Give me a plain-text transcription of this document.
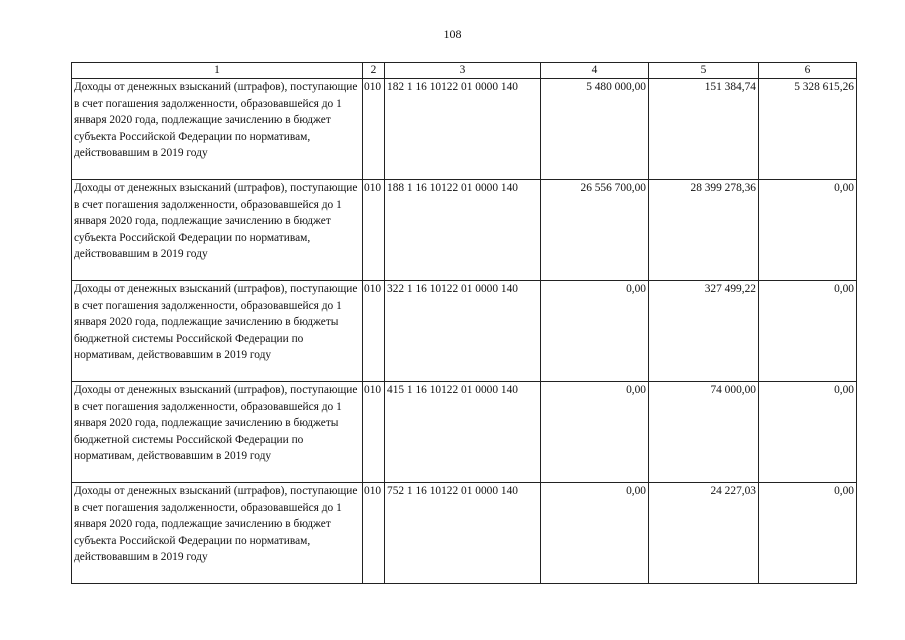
108
1	2	3	4	5	6
Доходы от денежных взысканий (штрафов), поступающие в счет погашения задолженности, образовавшейся до 1 января 2020 года, подлежащие зачислению в бюджет субъекта Российской Федерации по нормативам, действовавшим в 2019 году	010	182 1 16 10122 01 0000 140	5 480 000,00	151 384,74	5 328 615,26
Доходы от денежных взысканий (штрафов), поступающие в счет погашения задолженности, образовавшейся до 1 января 2020 года, подлежащие зачислению в бюджет субъекта Российской Федерации по нормативам, действовавшим в 2019 году	010	188 1 16 10122 01 0000 140	26 556 700,00	28 399 278,36	0,00
Доходы от денежных взысканий (штрафов), поступающие в счет погашения задолженности, образовавшейся до 1 января 2020 года, подлежащие зачислению в бюджеты бюджетной системы Российской Федерации по нормативам, действовавшим в 2019 году	010	322 1 16 10122 01 0000 140	0,00	327 499,22	0,00
Доходы от денежных взысканий (штрафов), поступающие в счет погашения задолженности, образовавшейся до 1 января 2020 года, подлежащие зачислению в бюджеты бюджетной системы Российской Федерации по нормативам, действовавшим в 2019 году	010	415 1 16 10122 01 0000 140	0,00	74 000,00	0,00
Доходы от денежных взысканий (штрафов), поступающие в счет погашения задолженности, образовавшейся до 1 января 2020 года, подлежащие зачислению в бюджет субъекта Российской Федерации по нормативам, действовавшим в 2019 году	010	752 1 16 10122 01 0000 140	0,00	24 227,03	0,00
